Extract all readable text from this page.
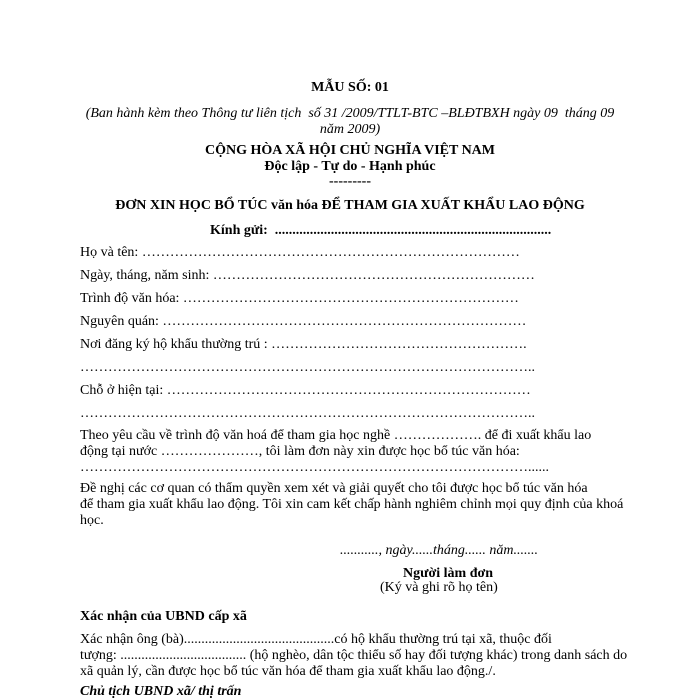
MẪU SỐ: 01
(Ban hành kèm theo Thông tư liên tịch  số 31 /2009/TTLT-BTC –BLĐTBXH ngày 09  tháng 09
năm 2009)
CỘNG HÒA XÃ HỘI CHỦ NGHĨA VIỆT NAM
Độc lập - Tự do - Hạnh phúc
---------
ĐƠN XIN HỌC BỔ TÚC văn hóa ĐỂ THAM GIA XUẤT KHẨU LAO ĐỘNG
Kính gửi:  ...............................................................................
Họ và tên: ………………………………………………………………………
Ngày, tháng, năm sinh: ……………………………………………………………
Trình độ văn hóa: ………………………………………………………………
Nguyên quán: ……………………………………………………………………
Nơi đăng ký hộ khẩu thường trú : ……………………………………………….
……………………………………………………………………………………..
Chỗ ở hiện tại: ……………………………………………………………………
……………………………………………………………………………………..
Theo yêu cầu về trình độ văn hoá để tham gia học nghề ………………. để đi xuất khẩu lao
động tại nước …………………, tôi làm đơn này xin được học bổ túc văn hóa:
……………………………………………………………………………………......
Đề nghị các cơ quan có thẩm quyền xem xét và giải quyết cho tôi được học bổ túc văn hóa
để tham gia xuất khẩu lao động. Tôi xin cam kết chấp hành nghiêm chỉnh mọi quy định của khoá
học.
..........., ngày......tháng...... năm.......
Người làm đơn
(Ký và ghi rõ họ tên)
Xác nhận của UBND cấp xã
Xác nhận ông (bà)...........................................có hộ khẩu thường trú tại xã, thuộc đối
tượng: .................................... (hộ nghèo, dân tộc thiểu số hay đối tượng khác) trong danh sách do
xã quản lý, cần được học bổ túc văn hóa để tham gia xuất khẩu lao động./.
Chủ tịch UBND xã/ thị trấn
